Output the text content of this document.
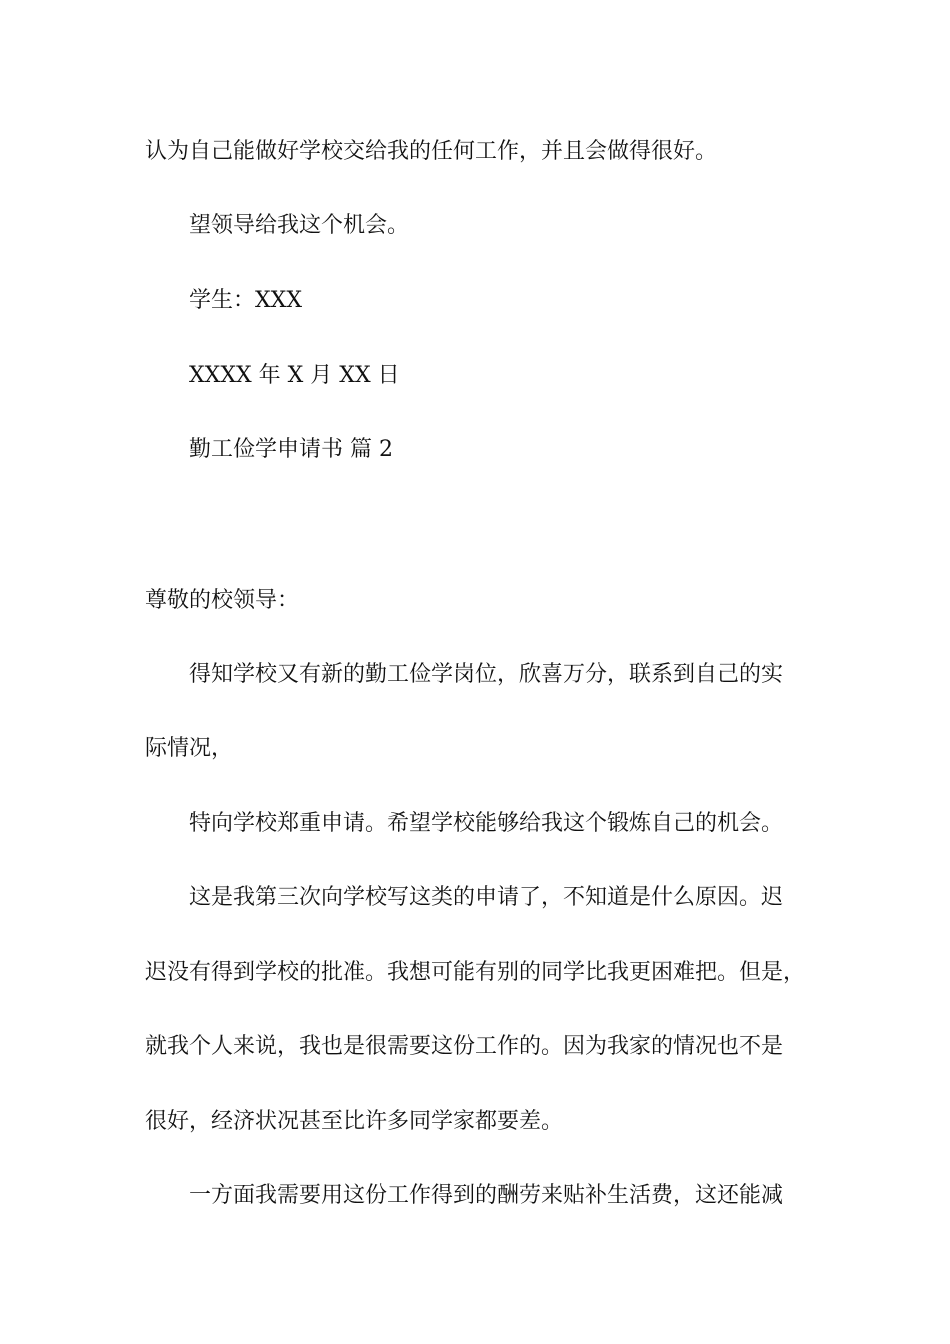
认为自己能做好学校交给我的任何工作，并且会做得很好。
望领导给我这个机会。
学生：XXX
XXXX 年 X 月 XX 日
勤工俭学申请书 篇 2
尊敬的校领导：
得知学校又有新的勤工俭学岗位，欣喜万分，联系到自己的实
际情况，
特向学校郑重申请。希望学校能够给我这个锻炼自己的机会。
这是我第三次向学校写这类的申请了，不知道是什么原因。迟
迟没有得到学校的批准。我想可能有别的同学比我更困难把。但是，
就我个人来说，我也是很需要这份工作的。因为我家的情况也不是
很好，经济状况甚至比许多同学家都要差。
一方面我需要用这份工作得到的酬劳来贴补生活费，这还能减
